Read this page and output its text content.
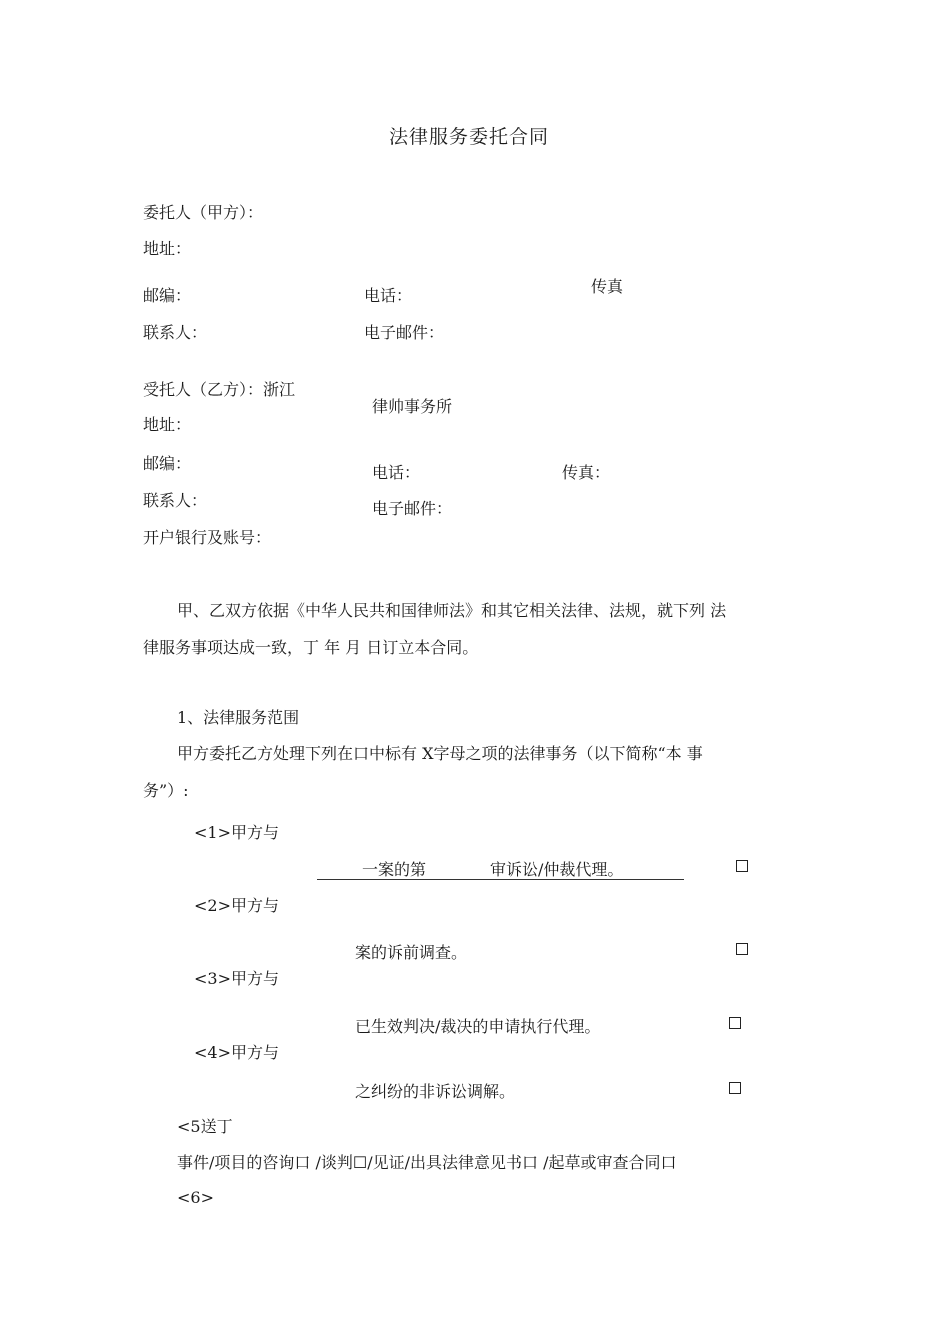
法律服务委托合同
委托人（甲方）：
地址：
邮编：	电话：	传真
联系人：	电子邮件：
受托人（乙方）：浙江
律帅事务所
地址：
邮编：	电话：	传真：
联系人：	电子邮件：
开户银行及账号：
甲、乙双方依据《中华人民共和国律师法》和其它相关法律、法规，就下列 法
律服务事项达成一致，丁 年 月 日订立本合同。
1、法律服务范围
甲方委托乙方处理下列在口中标有 X字母之项的法律事务（以下简称“本 事
务”）:
<1>甲方与
一案的第	审诉讼/仲裁代理。
<2>甲方与
案的诉前调查。
<3>甲方与
已生效判决/裁决的申请执行代理。
<4>甲方与
之纠纷的非诉讼调解。
<5送丁
事件/项目的咨询口 /谈判☐/见证/出具法律意见书口 /起草或审查合同口
<6>
